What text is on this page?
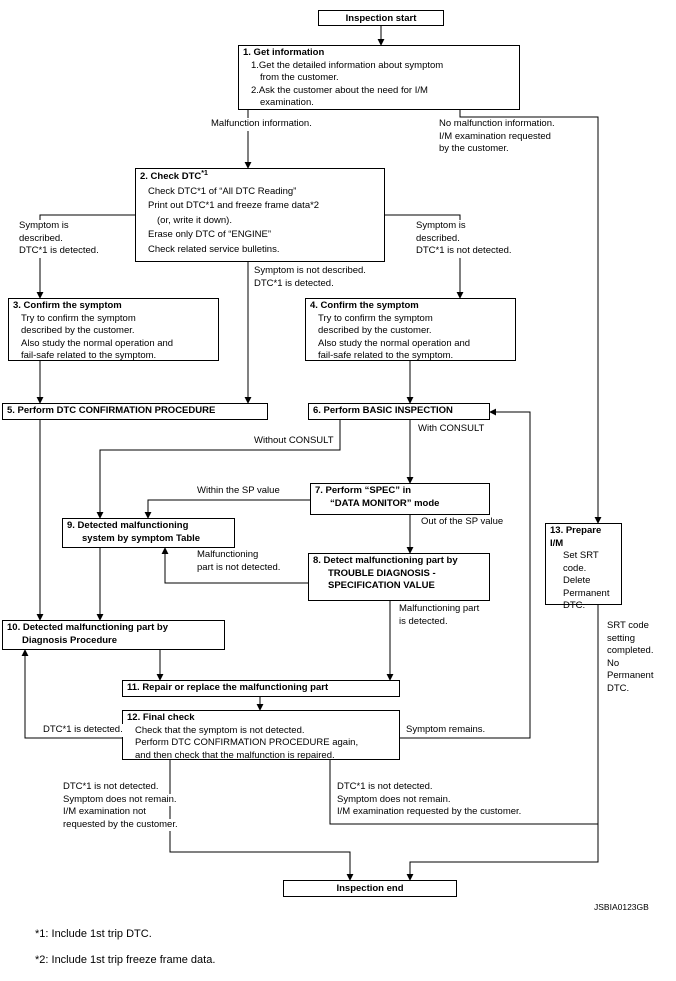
Inspection start
Inspection end
1. Get information
1.Get the detailed information about symptom
from the customer.
2.Ask the customer about the need for I/M
examination.
2. Check DTC$^{*1}$
Check DTC*1 of “All DTC Reading”
Print out DTC*1 and freeze frame data*2
(or, write it down).
Erase only DTC of “ENGINE”
Check related service bulletins.
3. Confirm the symptom
Try to confirm the symptom
described by the customer.
Also study the normal operation and
fail-safe related to the symptom.
4. Confirm the symptom
Try to confirm the symptom
described by the customer.
Also study the normal operation and
fail-safe related to the symptom.
5. Perform DTC CONFIRMATION PROCEDURE	6. Perform BASIC INSPECTION
7. Perform “SPEC” in
“DATA MONITOR” mode
8. Detect malfunctioning part by
TROUBLE DIAGNOSIS -
SPECIFICATION VALUE
9. Detected malfunctioning
system by symptom Table
10. Detected malfunctioning part by
Diagnosis Procedure
11. Repair or replace the malfunctioning part
12. Final check
Check that the symptom is not detected.
Perform DTC CONFIRMATION PROCEDURE again,
and then check that the malfunction is repaired.
13. Prepare I/M
Set SRT code.
Delete
Permanent
DTC.
Malfunction information.	No malfunction information.
I/M examination requested
by the customer.
Symptom is
described.
DTC*1 is detected.
Symptom is
described.
DTC*1 is not detected.
Symptom is not described.
DTC*1 is detected.
Without CONSULT
With CONSULT
Within the SP value
Out of the SP value
Malfunctioning
part is not detected.
Malfunctioning part
is detected.
DTC*1 is detected.	Symptom remains.
DTC*1 is not detected.
Symptom does not remain.
I/M examination not
requested by the customer.
DTC*1 is not detected.
Symptom does not remain.
I/M examination requested by the customer.
SRT code
setting
completed.
No
Permanent
DTC.
JSBIA0123GB
*1: Include 1st trip DTC.
*2: Include 1st trip freeze frame data.
